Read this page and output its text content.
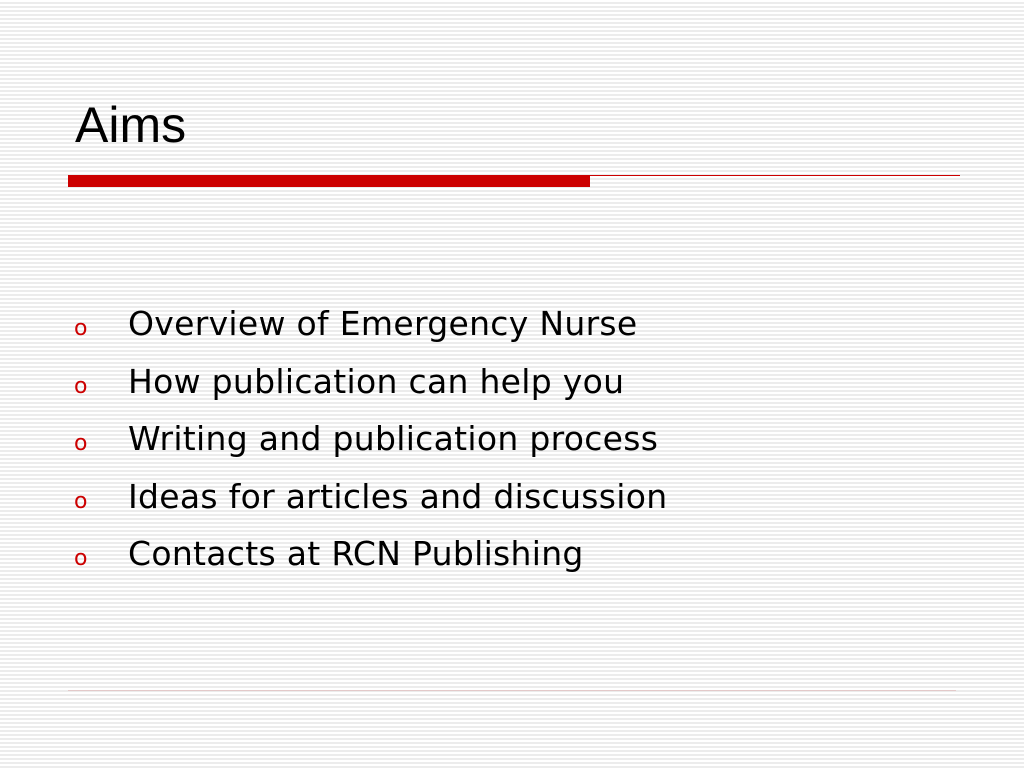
Aims
o	Overview of Emergency Nurse
o	How publication can help you
o	Writing and publication process
o	Ideas for articles and discussion
o	Contacts at RCN Publishing
